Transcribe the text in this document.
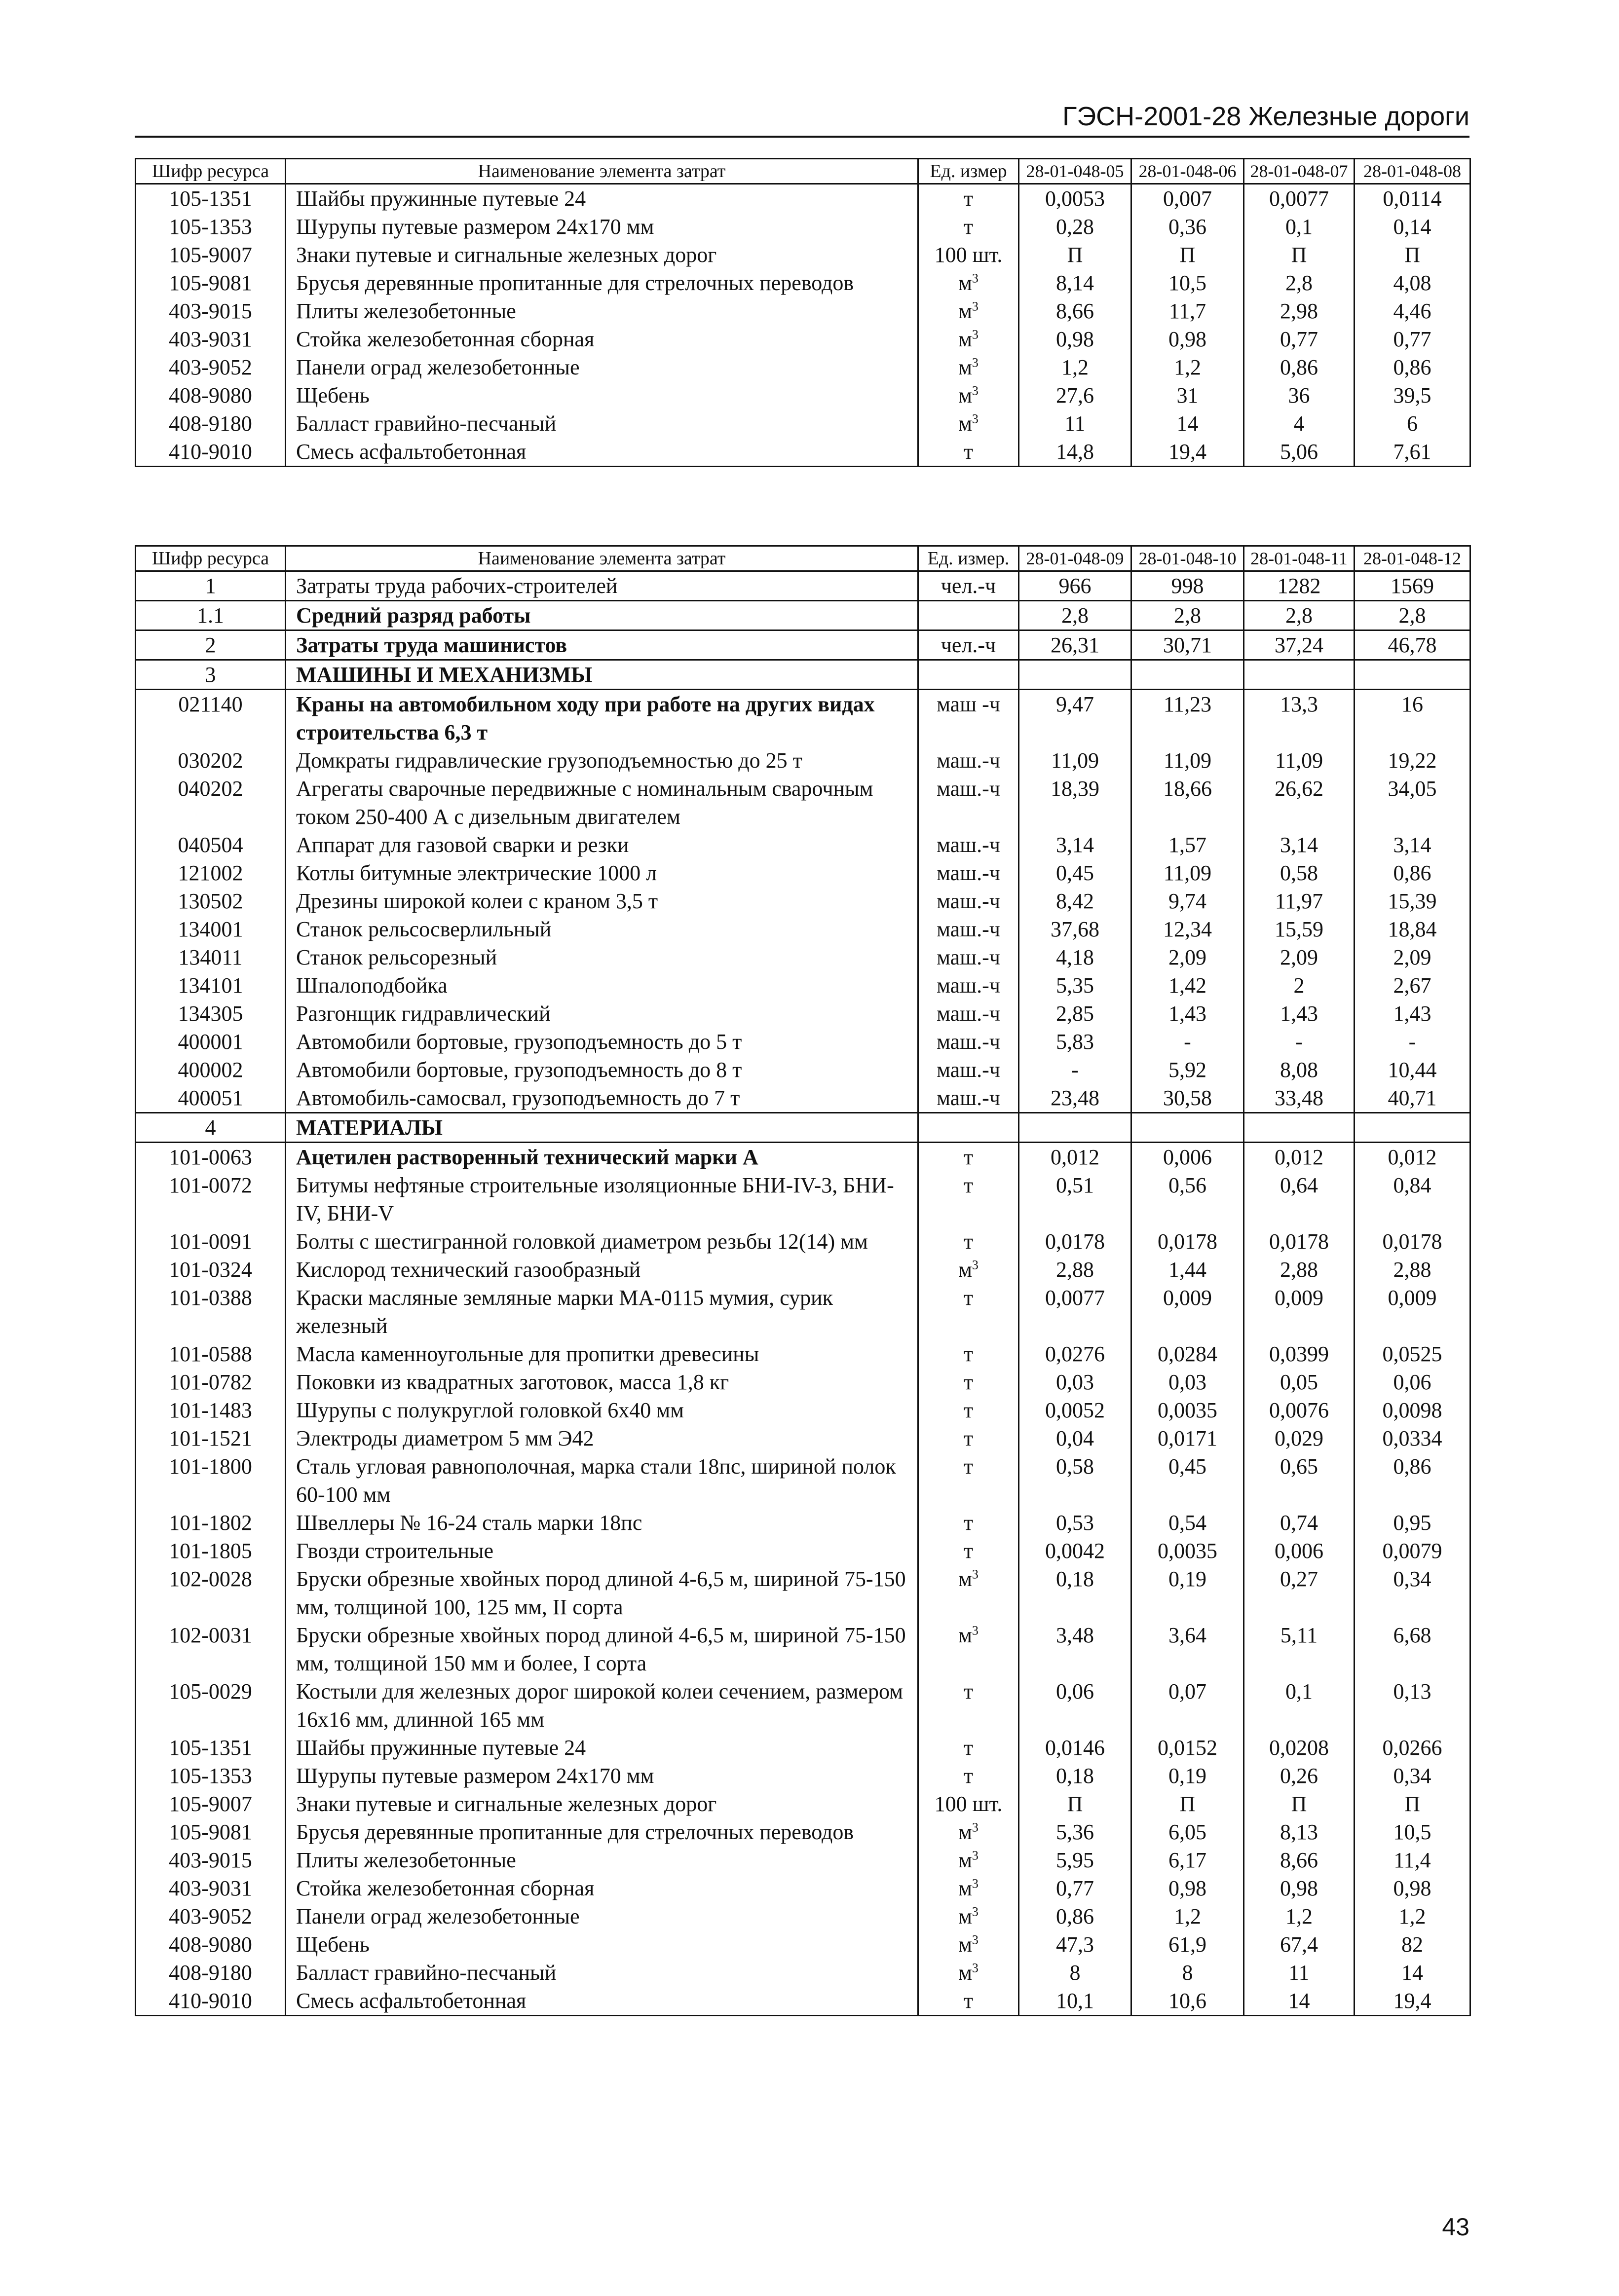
ГЭСН-2001-28 Железные дороги
Шифр ресурса	Наименование элемента затрат	Ед. измер	28-01-048-05	28-01-048-06	28-01-048-07	28-01-048-08
105-1351	Шайбы пружинные путевые 24	т	0,0053	0,007	0,0077	0,0114
105-1353	Шурупы путевые размером 24x170 мм	т	0,28	0,36	0,1	0,14
105-9007	Знаки путевые и сигнальные железных дорог	100 шт.	П	П	П	П
105-9081	Брусья деревянные пропитанные для стрелочных переводов	$м^3$	8,14	10,5	2,8	4,08
403-9015	Плиты железобетонные	$м^3$	8,66	11,7	2,98	4,46
403-9031	Стойка железобетонная сборная	$м^3$	0,98	0,98	0,77	0,77
403-9052	Панели оград железобетонные	$м^3$	1,2	1,2	0,86	0,86
408-9080	Щебень	$м^3$	27,6	31	36	39,5
408-9180	Балласт гравийно-песчаный	$м^3$	11	14	4	6
410-9010	Смесь асфальтобетонная	т	14,8	19,4	5,06	7,61
Шифр ресурса	Наименование элемента затрат	Ед. измер.	28-01-048-09	28-01-048-10	28-01-048-11	28-01-048-12
1	Затраты труда рабочих-строителей	чел.-ч	966	998	1282	1569
1.1	Средний разряд работы		2,8	2,8	2,8	2,8
2	Затраты труда машинистов	чел.-ч	26,31	30,71	37,24	46,78
3	МАШИНЫ И МЕХАНИЗМЫ					
021140	Краны на автомобильном ходу при работе на других видах строительства 6,3 т	маш -ч	9,47	11,23	13,3	16
030202	Домкраты гидравлические грузоподъемностью до 25 т	маш.-ч	11,09	11,09	11,09	19,22
040202	Агрегаты сварочные передвижные с номинальным сварочным током 250-400 А с дизельным двигателем	маш.-ч	18,39	18,66	26,62	34,05
040504	Аппарат для газовой сварки и резки	маш.-ч	3,14	1,57	3,14	3,14
121002	Котлы битумные электрические 1000 л	маш.-ч	0,45	11,09	0,58	0,86
130502	Дрезины широкой колеи с краном 3,5 т	маш.-ч	8,42	9,74	11,97	15,39
134001	Станок рельсосверлильный	маш.-ч	37,68	12,34	15,59	18,84
134011	Станок рельсорезный	маш.-ч	4,18	2,09	2,09	2,09
134101	Шпалоподбойка	маш.-ч	5,35	1,42	2	2,67
134305	Разгонщик гидравлический	маш.-ч	2,85	1,43	1,43	1,43
400001	Автомобили бортовые, грузоподъемность до 5 т	маш.-ч	5,83	-	-	-
400002	Автомобили бортовые, грузоподъемность до 8 т	маш.-ч	-	5,92	8,08	10,44
400051	Автомобиль-самосвал, грузоподъемность до 7 т	маш.-ч	23,48	30,58	33,48	40,71
4	МАТЕРИАЛЫ					
101-0063	Ацетилен растворенный технический марки А	т	0,012	0,006	0,012	0,012
101-0072	Битумы нефтяные строительные изоляционные БНИ-IV-3, БНИ-IV, БНИ-V	т	0,51	0,56	0,64	0,84
101-0091	Болты с шестигранной головкой диаметром резьбы 12(14) мм	т	0,0178	0,0178	0,0178	0,0178
101-0324	Кислород технический газообразный	$м^3$	2,88	1,44	2,88	2,88
101-0388	Краски масляные земляные марки МА-0115 мумия, сурик железный	т	0,0077	0,009	0,009	0,009
101-0588	Масла каменноугольные для пропитки древесины	т	0,0276	0,0284	0,0399	0,0525
101-0782	Поковки из квадратных заготовок, масса 1,8 кг	т	0,03	0,03	0,05	0,06
101-1483	Шурупы с полукруглой головкой 6x40 мм	т	0,0052	0,0035	0,0076	0,0098
101-1521	Электроды диаметром 5 мм Э42	т	0,04	0,0171	0,029	0,0334
101-1800	Сталь угловая равнополочная, марка стали 18пс, шириной полок 60-100 мм	т	0,58	0,45	0,65	0,86
101-1802	Швеллеры № 16-24 сталь марки 18пс	т	0,53	0,54	0,74	0,95
101-1805	Гвозди строительные	т	0,0042	0,0035	0,006	0,0079
102-0028	Бруски обрезные хвойных пород длиной 4-6,5 м, шириной 75-150 мм, толщиной 100, 125 мм, II сорта	$м^3$	0,18	0,19	0,27	0,34
102-0031	Бруски обрезные хвойных пород длиной 4-6,5 м, шириной 75-150 мм, толщиной 150 мм и более, I сорта	$м^3$	3,48	3,64	5,11	6,68
105-0029	Костыли для железных дорог широкой колеи сечением, размером 16x16 мм, длинной 165 мм	т	0,06	0,07	0,1	0,13
105-1351	Шайбы пружинные путевые 24	т	0,0146	0,0152	0,0208	0,0266
105-1353	Шурупы путевые размером 24x170 мм	т	0,18	0,19	0,26	0,34
105-9007	Знаки путевые и сигнальные железных дорог	100 шт.	П	П	П	П
105-9081	Брусья деревянные пропитанные для стрелочных переводов	$м^3$	5,36	6,05	8,13	10,5
403-9015	Плиты железобетонные	$м^3$	5,95	6,17	8,66	11,4
403-9031	Стойка железобетонная сборная	$м^3$	0,77	0,98	0,98	0,98
403-9052	Панели оград железобетонные	$м^3$	0,86	1,2	1,2	1,2
408-9080	Щебень	$м^3$	47,3	61,9	67,4	82
408-9180	Балласт гравийно-песчаный	$м^3$	8	8	11	14
410-9010	Смесь асфальтобетонная	т	10,1	10,6	14	19,4
43
